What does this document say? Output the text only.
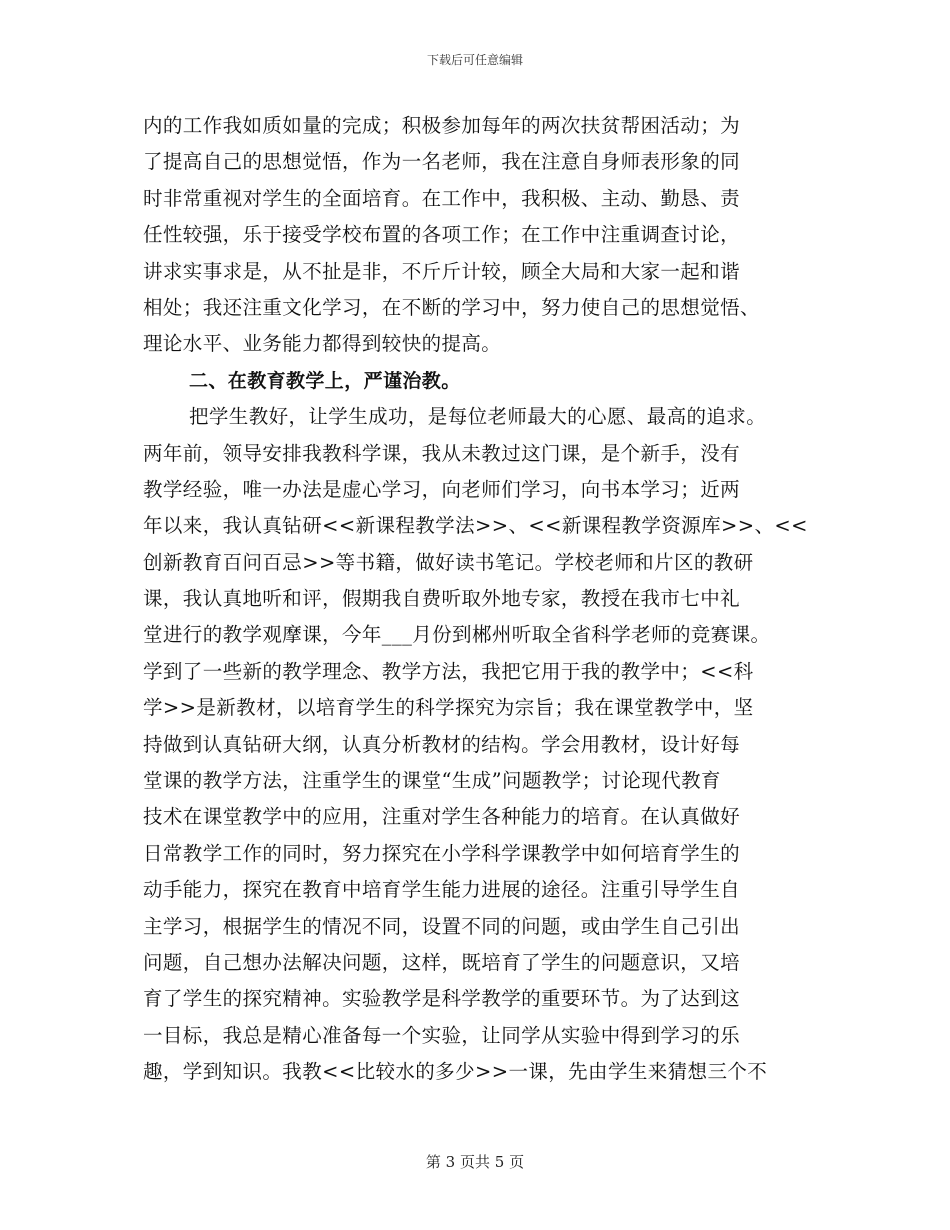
下载后可任意编辑
内的工作我如质如量的完成；积极参加每年的两次扶贫帮困活动；为
了提高自己的思想觉悟，作为一名老师，我在注意自身师表形象的同
时非常重视对学生的全面培育。在工作中，我积极、主动、勤恳、责
任性较强，乐于接受学校布置的各项工作；在工作中注重调查讨论，
讲求实事求是，从不扯是非，不斤斤计较，顾全大局和大家一起和谐
相处；我还注重文化学习，在不断的学习中，努力使自己的思想觉悟、
理论水平、业务能力都得到较快的提高。
二、在教育教学上，严谨治教。
把学生教好，让学生成功，是每位老师最大的心愿、最高的追求。
两年前，领导安排我教科学课，我从未教过这门课，是个新手，没有
教学经验，唯一办法是虚心学习，向老师们学习，向书本学习；近两
年以来，我认真钻研<<新课程教学法>>、<<新课程教学资源库>>、<<
创新教育百问百忌>>等书籍，做好读书笔记。学校老师和片区的教研
课，我认真地听和评，假期我自费听取外地专家，教授在我市七中礼
堂进行的教学观摩课，今年___月份到郴州听取全省科学老师的竞赛课。
学到了一些新的教学理念、教学方法，我把它用于我的教学中；<<科
学>>是新教材，以培育学生的科学探究为宗旨；我在课堂教学中，坚
持做到认真钻研大纲，认真分析教材的结构。学会用教材，设计好每
堂课的教学方法，注重学生的课堂“生成”问题教学；讨论现代教育
技术在课堂教学中的应用，注重对学生各种能力的培育。在认真做好
日常教学工作的同时，努力探究在小学科学课教学中如何培育学生的
动手能力，探究在教育中培育学生能力进展的途径。注重引导学生自
主学习，根据学生的情况不同，设置不同的问题，或由学生自己引出
问题，自己想办法解决问题，这样，既培育了学生的问题意识，又培
育了学生的探究精神。实验教学是科学教学的重要环节。为了达到这
一目标，我总是精心准备每一个实验，让同学从实验中得到学习的乐
趣，学到知识。我教<<比较水的多少>>一课，先由学生来猜想三个不
第 3 页共 5 页
